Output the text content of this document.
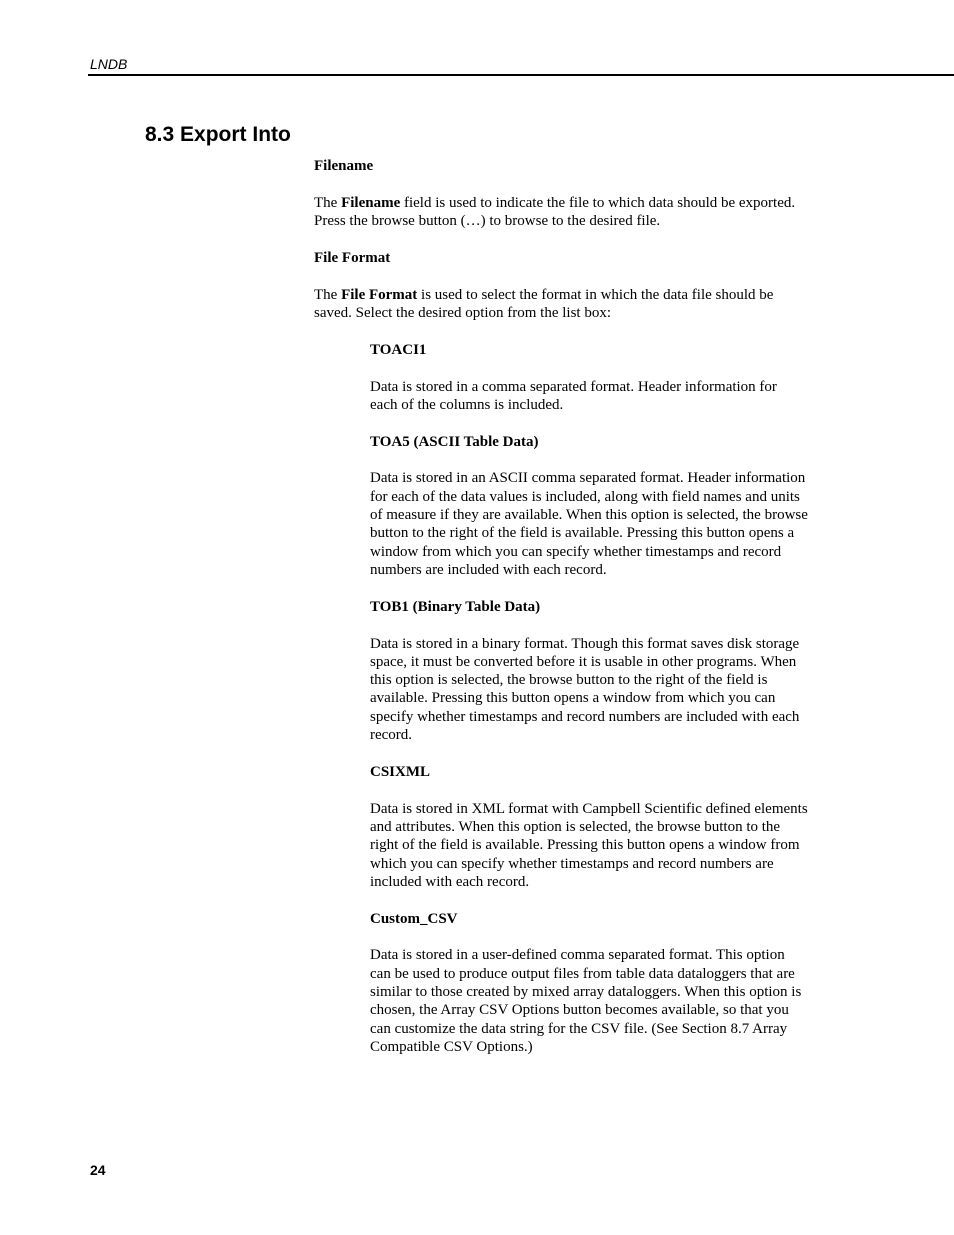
LNDB
8.3 Export Into

Filename

The Filename field is used to indicate the file to which data should be exported. Press the browse button (…) to browse to the desired file.

File Format

The File Format is used to select the format in which the data file should be saved. Select the desired option from the list box:

TOACI1

Data is stored in a comma separated format. Header information for each of the columns is included.

TOA5 (ASCII Table Data)

Data is stored in an ASCII comma separated format. Header information for each of the data values is included, along with field names and units of measure if they are available. When this option is selected, the browse button to the right of the field is available. Pressing this button opens a window from which you can specify whether timestamps and record numbers are included with each record.

TOB1 (Binary Table Data)

Data is stored in a binary format. Though this format saves disk storage space, it must be converted before it is usable in other programs. When this option is selected, the browse button to the right of the field is available. Pressing this button opens a window from which you can specify whether timestamps and record numbers are included with each record.

CSIXML

Data is stored in XML format with Campbell Scientific defined elements and attributes. When this option is selected, the browse button to the right of the field is available. Pressing this button opens a window from which you can specify whether timestamps and record numbers are included with each record.

Custom_CSV

Data is stored in a user-defined comma separated format. This option can be used to produce output files from table data dataloggers that are similar to those created by mixed array dataloggers. When this option is chosen, the Array CSV Options button becomes available, so that you can customize the data string for the CSV file. (See Section 8.7 Array Compatible CSV Options.)

24
